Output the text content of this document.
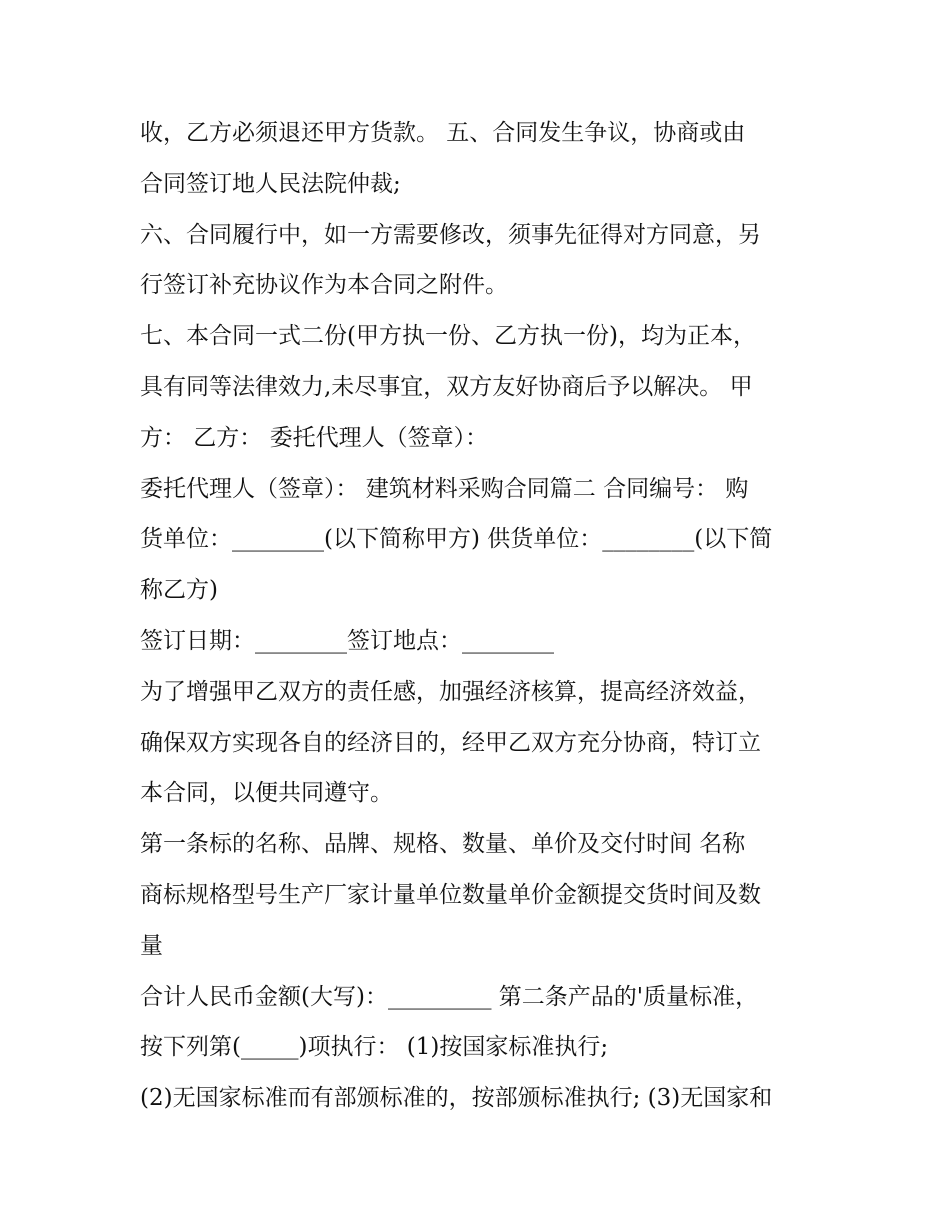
收，乙方必须退还甲方货款。 五、合同发生争议，协商或由
合同签订地人民法院仲裁;
六、合同履行中，如一方需要修改，须事先征得对方同意，另
行签订补充协议作为本合同之附件。
七、本合同一式二份(甲方执一份、乙方执一份)，均为正本，
具有同等法律效力,未尽事宜，双方友好协商后予以解决。 甲
方： 乙方： 委托代理人（签章）：
委托代理人（签章）： 建筑材料采购合同篇二 合同编号： 购
货单位：________(以下简称甲方) 供货单位：________(以下简
称乙方)
签订日期：________签订地点：________
为了增强甲乙双方的责任感，加强经济核算，提高经济效益，
确保双方实现各自的经济目的，经甲乙双方充分协商，特订立
本合同，以便共同遵守。
第一条标的名称、品牌、规格、数量、单价及交付时间 名称
商标规格型号生产厂家计量单位数量单价金额提交货时间及数
量
合计人民币金额(大写)：_________ 第二条产品的'质量标准，
按下列第(_____)项执行： (1)按国家标准执行;
(2)无国家标准而有部颁标准的，按部颁标准执行; (3)无国家和
